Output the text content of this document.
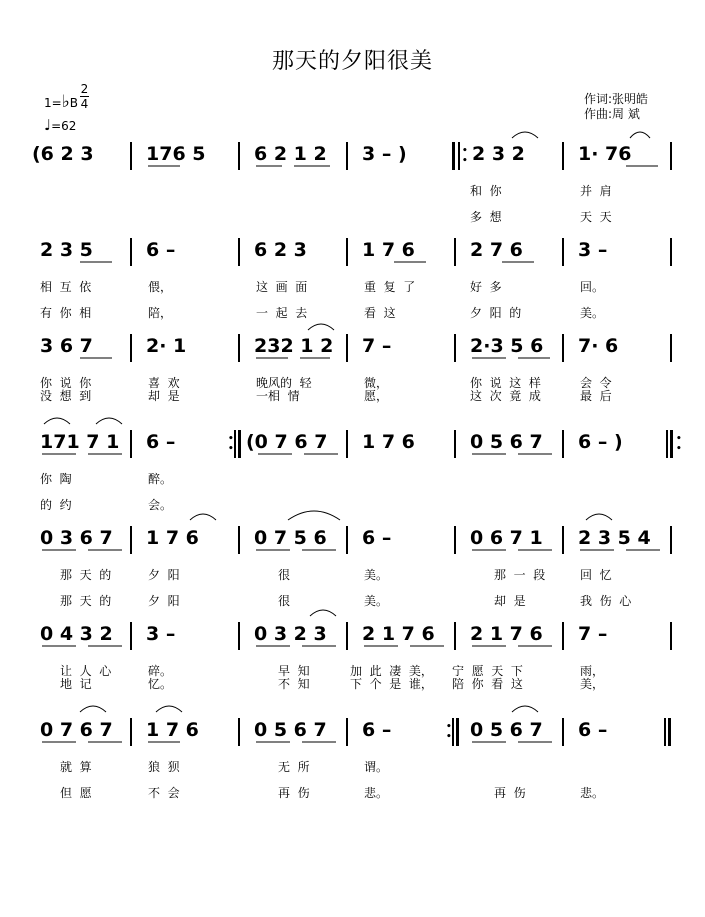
那天的夕阳很美
1=♭B
2
4
♩=62
作词:张明皓
作曲:周 斌
(6 2 3	176 5	6 2 1 2 3 – )	•
• 2 3 2	1· 76
和  你	并  肩
多  想	天  天
2 3 5	6 –	6 2 3	1 7 6	2 7 6	3 –
相  互  依	偎，	这  画  面	重  复  了	好  多	回。
有  你  相	陪，	一  起  去	看  这	夕  阳  的	美。
3 6 7	2· 1	232 1 2 7 –	2·3 5 6 7· 6
你  说  你	喜  欢	晚风的  轻	微，	你  说  这  样	会  令
没  想  到	却  是	一相  情	愿，	这  次  竟  成	最  后
171 7 1 6 –	•
• (0 7 6 7 1 7 6	0 5 6 7 6 – )	•
•
你  陶	醉。
的  约	会。
0 3 6 7 1 7 6	0 7 5 6 6 –	0 6 7 1 2 3 5 4
那  天  的	夕  阳	很	美。	那  一  段	回  忆
那  天  的	夕  阳	很	美。	却  是	我  伤  心
0 4 3 2 3 –	0 3 2 3 2 1 7 6 2 1 7 6 7 –
让  人  心	碎。	早  知	加  此  凄  美， 宁  愿  天  下	雨，
地  记	忆。	不  知	下  个  是  谁， 陪  你  看  这	美，
0 7 6 7 1 7 6	0 5 6 7 6 –	•
• 0 5 6 7 6 –
就  算	狼  狈	无  所	谓。
但  愿	不  会	再  伤	悲。	再  伤	悲。
